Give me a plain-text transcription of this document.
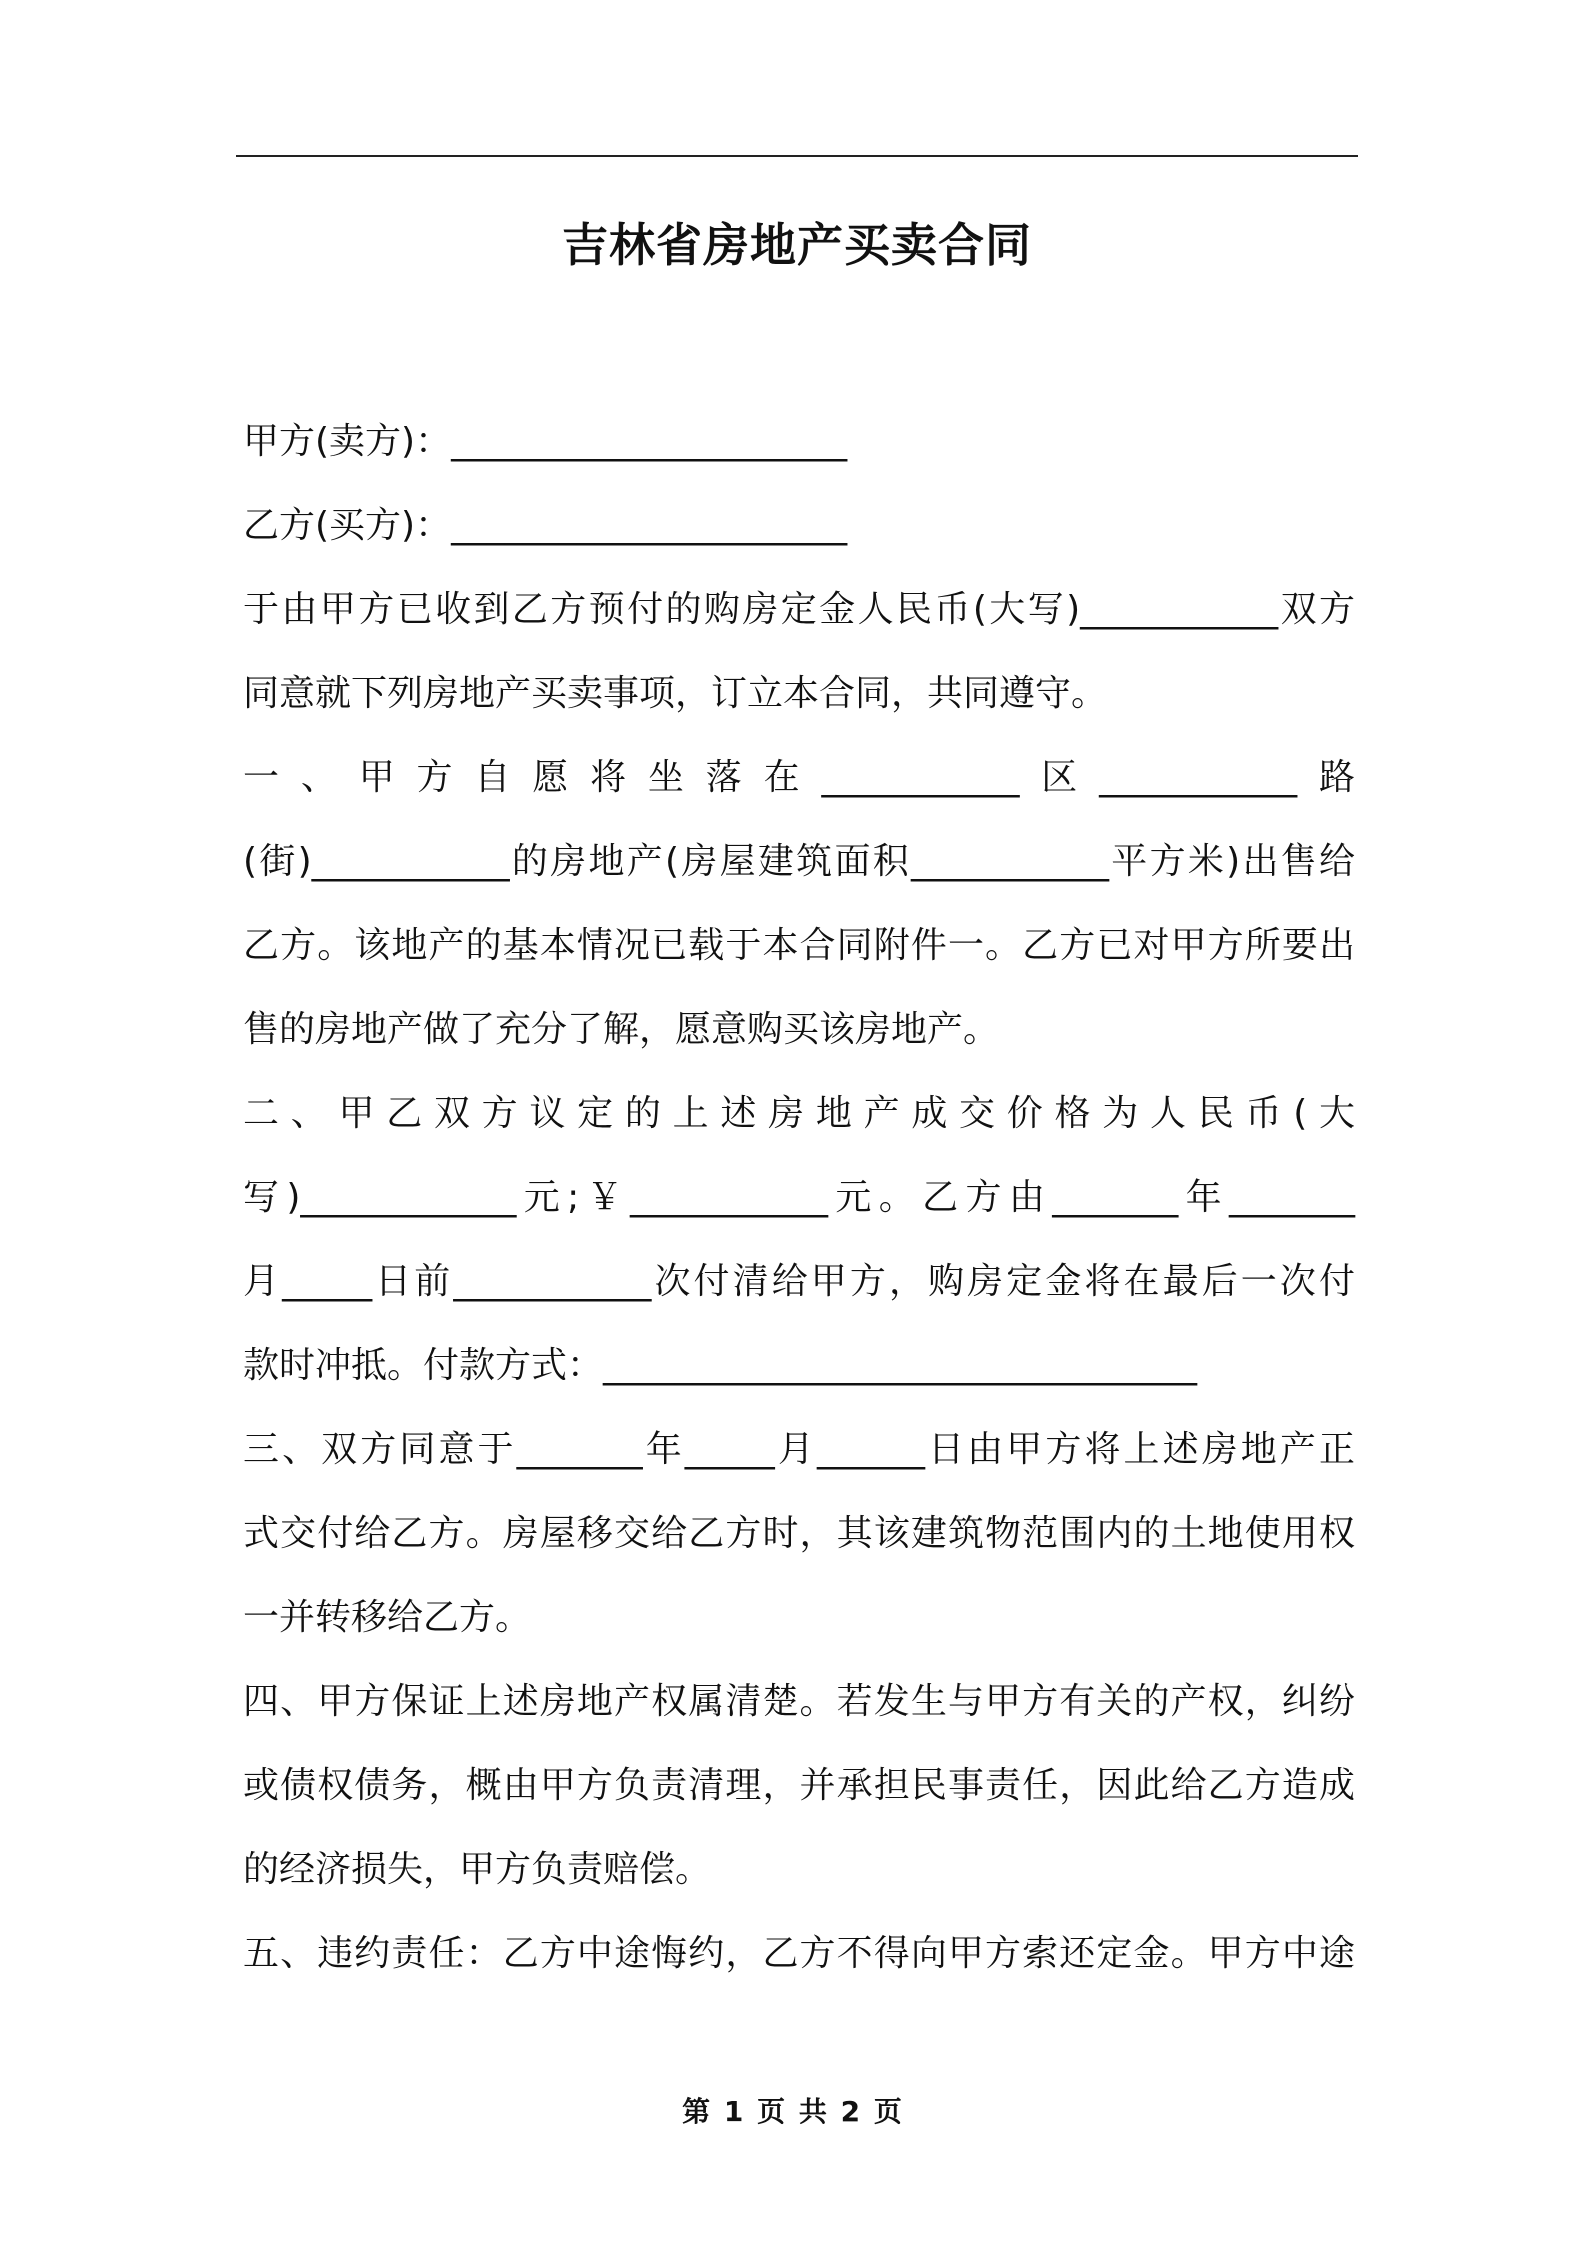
吉林省房地产买卖合同
甲方(卖方)：______________________
乙方(买方)：______________________
于由甲方已收到乙方预付的购房定金人民币(大写)___________双方
同意就下列房地产买卖事项，订立本合同，共同遵守。
一、甲方自愿将坐落在___________区___________路
(街)___________的房地产(房屋建筑面积___________平方米)出售给
乙方。该地产的基本情况已载于本合同附件一。乙方已对甲方所要出
售的房地产做了充分了解，愿意购买该房地产。
二、甲乙双方议定的上述房地产成交价格为人民币(大
写)____________元;￥___________元。乙方由_______年_______
月_____日前___________次付清给甲方，购房定金将在最后一次付
款时冲抵。付款方式：_________________________________
三、双方同意于_______年_____月______日由甲方将上述房地产正
式交付给乙方。房屋移交给乙方时，其该建筑物范围内的土地使用权
一并转移给乙方。
四、甲方保证上述房地产权属清楚。若发生与甲方有关的产权，纠纷
或债权债务，概由甲方负责清理，并承担民事责任，因此给乙方造成
的经济损失，甲方负责赔偿。
五、违约责任：乙方中途悔约，乙方不得向甲方索还定金。甲方中途
第 1 页 共 2 页
